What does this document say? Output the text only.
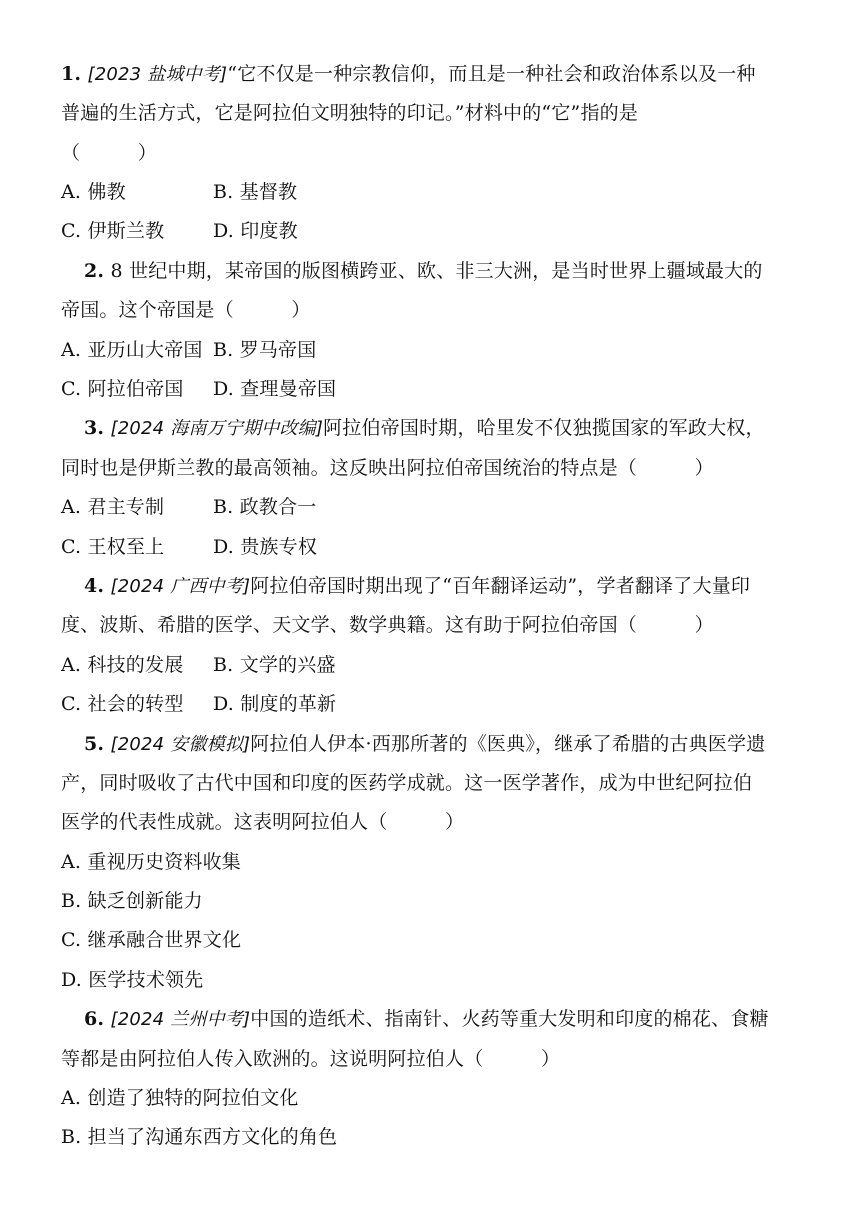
1. [2023 盐城中考]“它不仅是一种宗教信仰，而且是一种社会和政治体系以及一种
普遍的生活方式，它是阿拉伯文明独特的印记。”材料中的“它”指的是
（　　　）
A. 佛教	B. 基督教
C. 伊斯兰教	D. 印度教
2. 8 世纪中期，某帝国的版图横跨亚、欧、非三大洲，是当时世界上疆域最大的
帝国。这个帝国是（　　　）
A. 亚历山大帝国 B. 罗马帝国
C. 阿拉伯帝国 D. 查理曼帝国
3. [2024 海南万宁期中改编]阿拉伯帝国时期，哈里发不仅独揽国家的军政大权，
同时也是伊斯兰教的最高领袖。这反映出阿拉伯帝国统治的特点是（　　　）
A. 君主专制	B. 政教合一
C. 王权至上	D. 贵族专权
4. [2024 广西中考]阿拉伯帝国时期出现了“百年翻译运动”，学者翻译了大量印
度、波斯、希腊的医学、天文学、数学典籍。这有助于阿拉伯帝国（　　　）
A. 科技的发展 B. 文学的兴盛
C. 社会的转型 D. 制度的革新
5. [2024 安徽模拟]阿拉伯人伊本·西那所著的《医典》，继承了希腊的古典医学遗
产，同时吸收了古代中国和印度的医药学成就。这一医学著作，成为中世纪阿拉伯
医学的代表性成就。这表明阿拉伯人（　　　）
A. 重视历史资料收集
B. 缺乏创新能力
C. 继承融合世界文化
D. 医学技术领先
6. [2024 兰州中考]中国的造纸术、指南针、火药等重大发明和印度的棉花、食糖
等都是由阿拉伯人传入欧洲的。这说明阿拉伯人（　　　）
A. 创造了独特的阿拉伯文化
B. 担当了沟通东西方文化的角色
